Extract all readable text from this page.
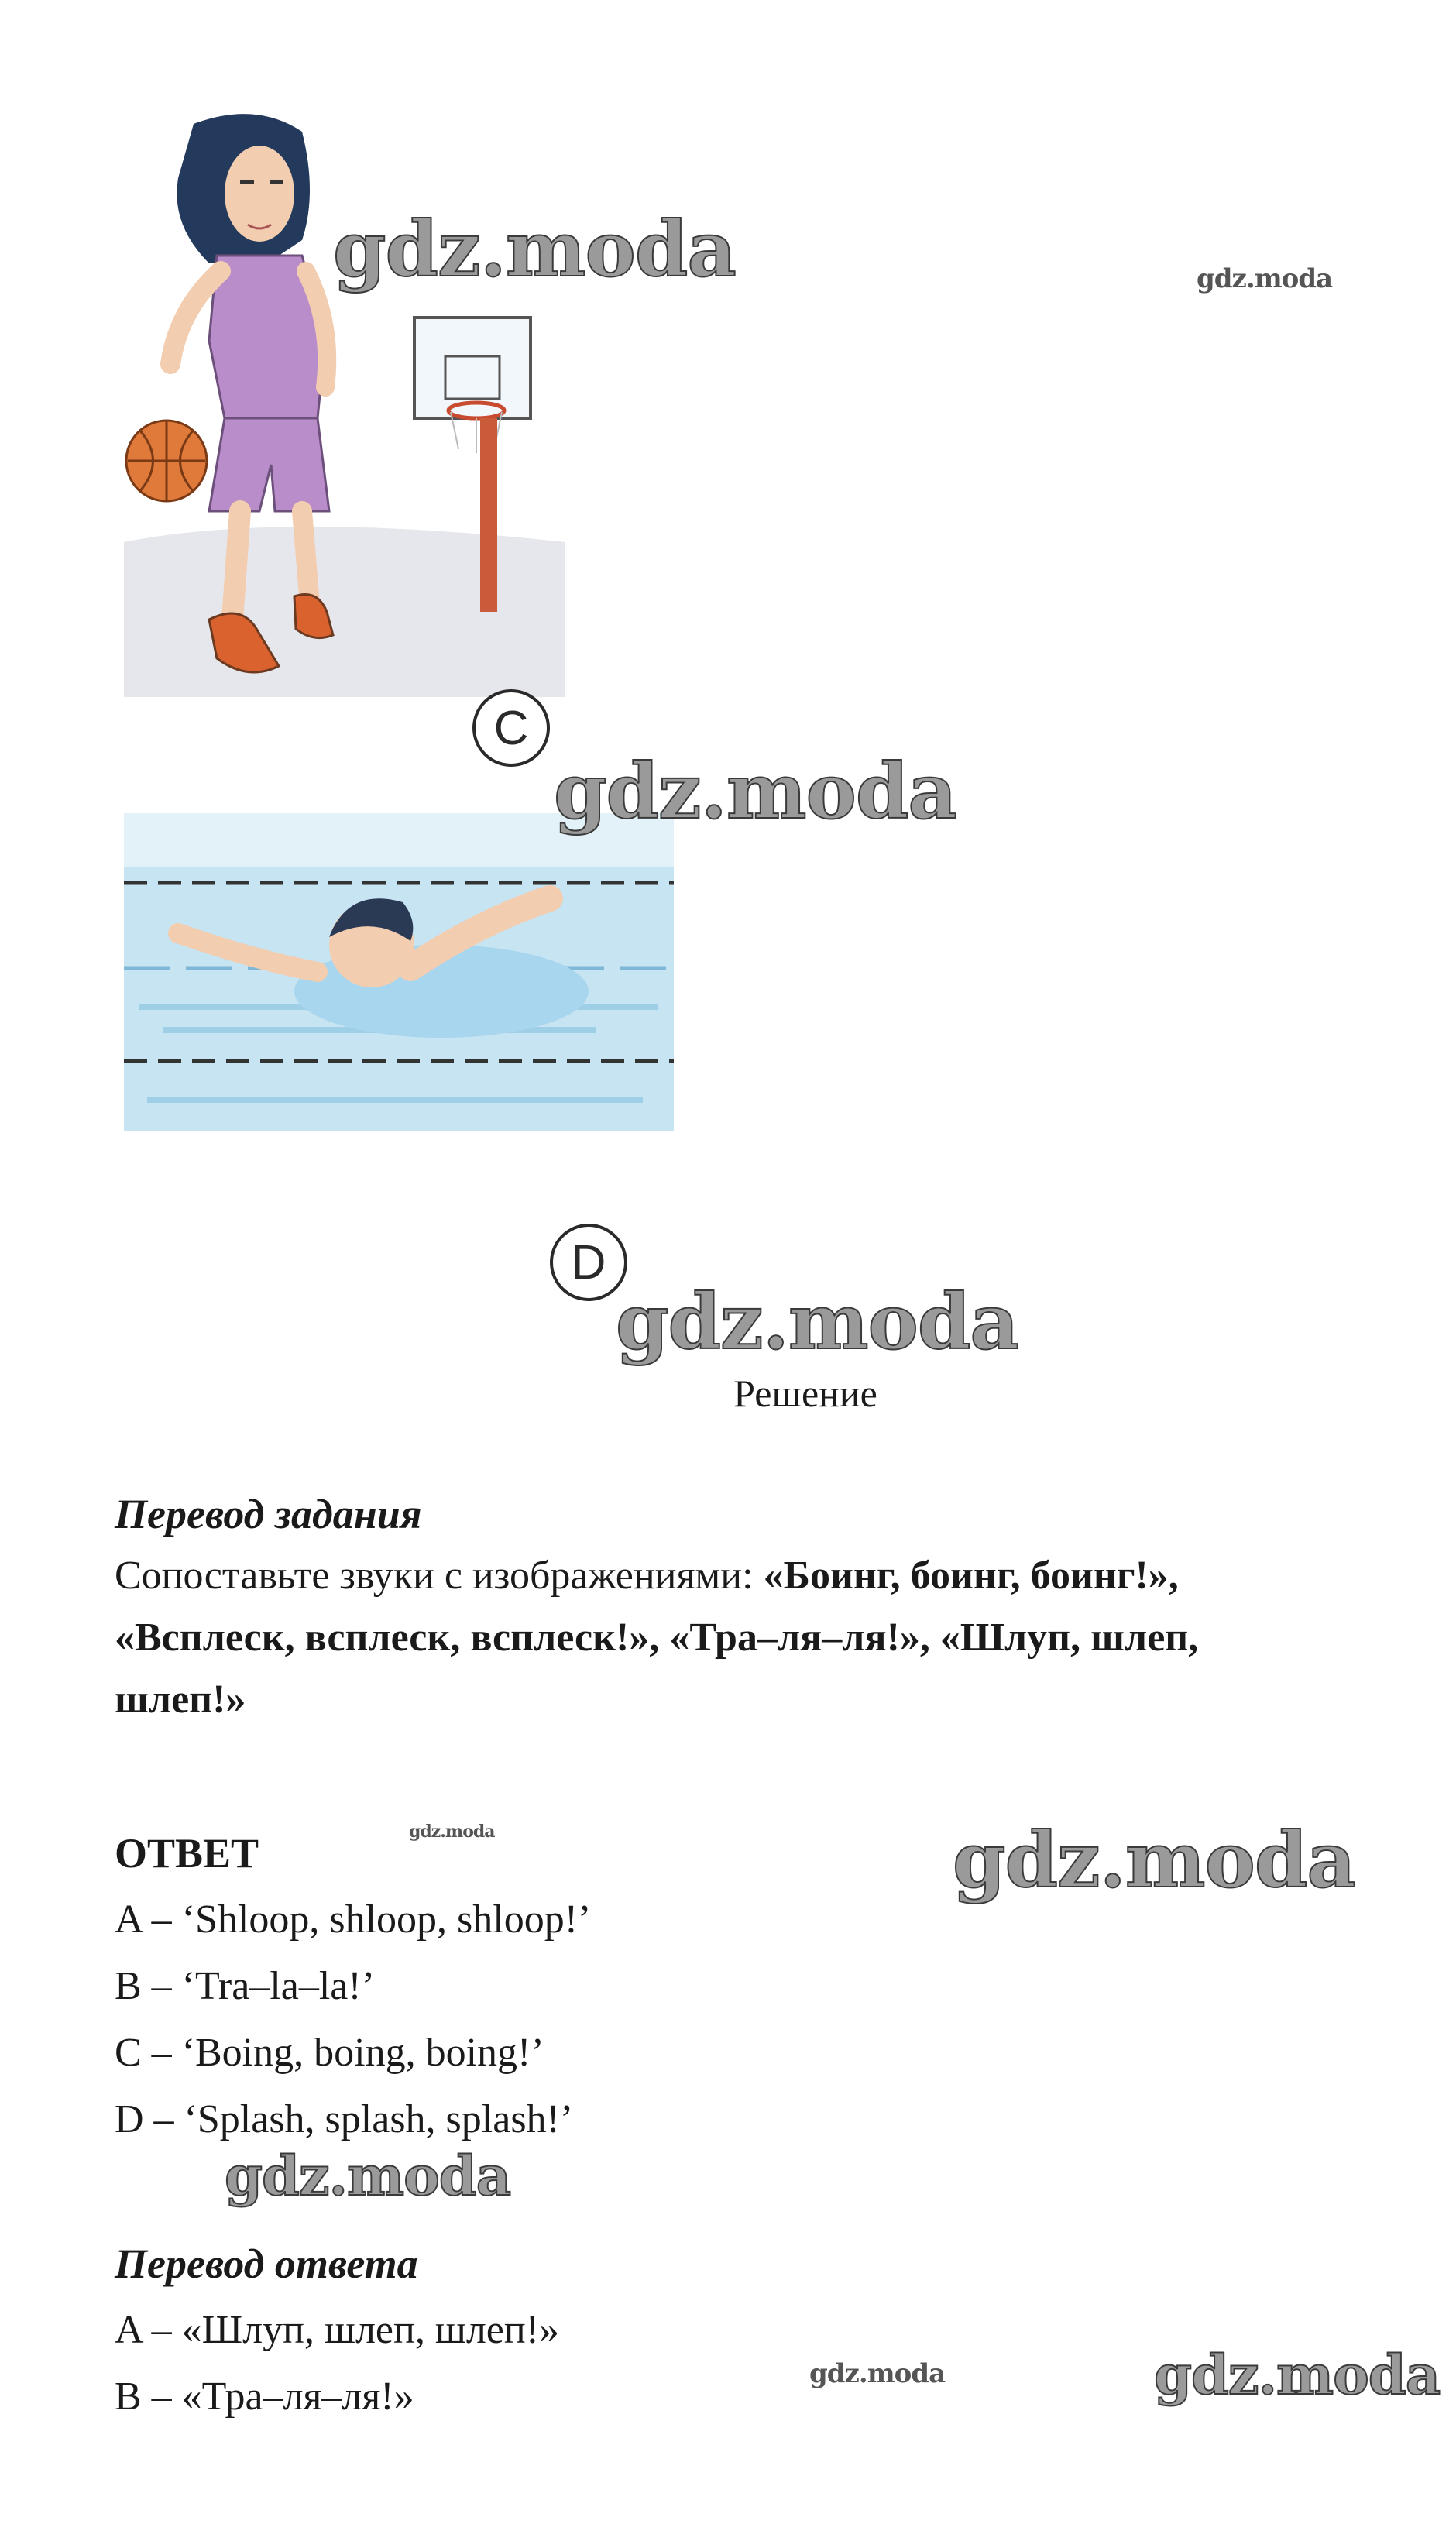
C
D
gdz.moda	gdz.moda
gdz.moda
gdz.moda
gdz.moda	gdz.moda
gdz.moda
gdz.moda	gdz.moda
Решение
Перевод задания
Сопоставьте звуки с изображениями: «Боинг, боинг, боинг!»,
«Всплеск, всплеск, всплеск!», «Тра–ля–ля!», «Шлуп, шлеп,
шлеп!»
ОТВЕТ
A – ‘Shloop, shloop, shloop!’
B – ‘Tra–la–la!’
C – ‘Boing, boing, boing!’
D – ‘Splash, splash, splash!’
Перевод ответа
A – «Шлуп, шлеп, шлеп!»
B – «Тра–ля–ля!»
